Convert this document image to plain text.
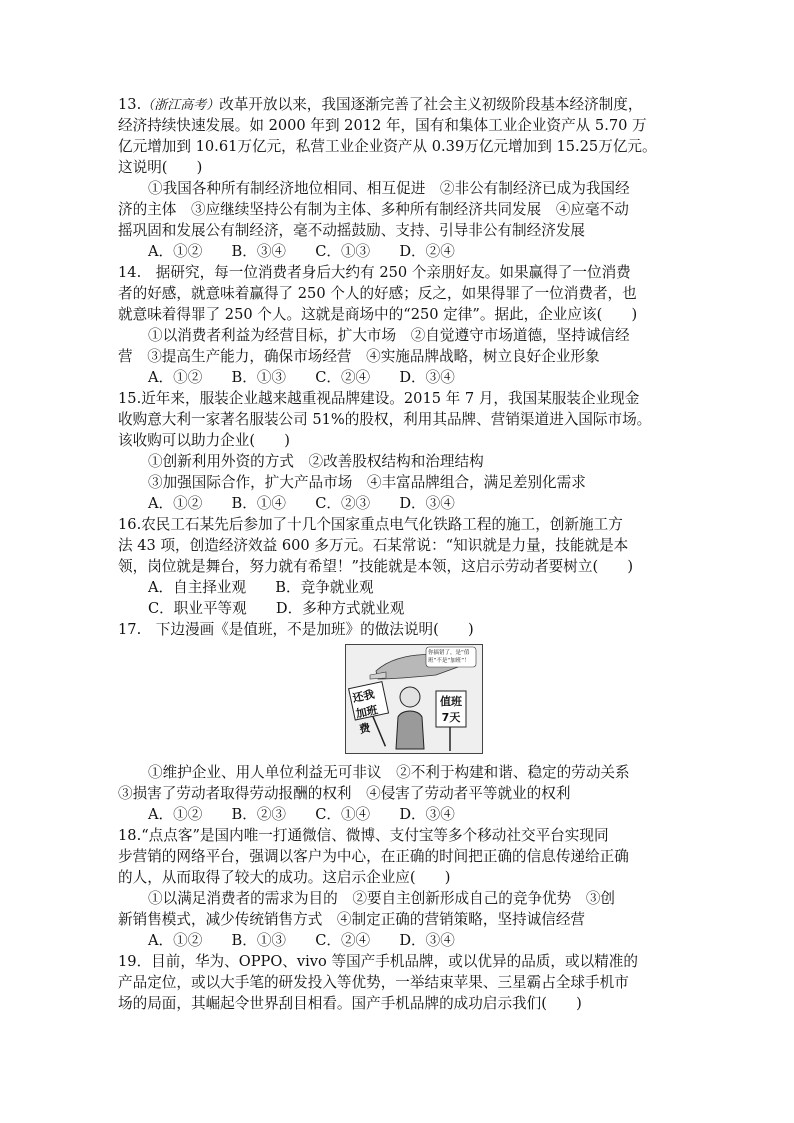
13.（浙江高考）改革开放以来，我国逐渐完善了社会主义初级阶段基本经济制度，
经济持续快速发展。如 2000 年到 2012 年，国有和集体工业企业资产从 5.70 万
亿元增加到 10.61万亿元，私营工业企业资产从 0.39万亿元增加到 15.25万亿元。
这说明(　　)
①我国各种所有制经济地位相同、相互促进　②非公有制经济已成为我国经
济的主体　③应继续坚持公有制为主体、多种所有制经济共同发展　④应毫不动
摇巩固和发展公有制经济，毫不动摇鼓励、支持、引导非公有制经济发展
A．①②　　B．③④　　C．①③　　D．②④
14.　据研究，每一位消费者身后大约有 250 个亲朋好友。如果赢得了一位消费
者的好感，就意味着赢得了 250 个人的好感；反之，如果得罪了一位消费者，也
就意味着得罪了 250 个人。这就是商场中的“250 定律”。据此，企业应该(　　)
①以消费者利益为经营目标，扩大市场　②自觉遵守市场道德，坚持诚信经
营　③提高生产能力，确保市场经营　④实施品牌战略，树立良好企业形象
A．①②　　B．①③　　C．②④　　D．③④
15.近年来，服装企业越来越重视品牌建设。2015 年 7 月，我国某服装企业现金
收购意大利一家著名服装公司 51%的股权，利用其品牌、营销渠道进入国际市场。
该收购可以助力企业(　　)
①创新利用外资的方式　②改善股权结构和治理结构
③加强国际合作，扩大产品市场　④丰富品牌组合，满足差别化需求
A．①②　　B．①④　　C．②③　　D．③④
16.农民工石某先后参加了十几个国家重点电气化铁路工程的施工，创新施工方
法 43 项，创造经济效益 600 多万元。石某常说：“知识就是力量，技能就是本
领，岗位就是舞台，努力就有希望！”技能就是本领，这启示劳动者要树立(　　)
A．自主择业观　　B．竞争就业观
C．职业平等观　　D．多种方式就业观
17.　下边漫画《是值班，不是加班》的做法说明(　　)
你搞错了，是“值班”不是“加班”！
还我加班费
值班7天
①维护企业、用人单位利益无可非议　②不利于构建和谐、稳定的劳动关系
③损害了劳动者取得劳动报酬的权利　④侵害了劳动者平等就业的权利
A．①②　　B．②③　　C．①④　　D．③④
18.“点点客”是国内唯一打通微信、微博、支付宝等多个移动社交平台实现同
步营销的网络平台，强调以客户为中心，在正确的时间把正确的信息传递给正确
的人，从而取得了较大的成功。这启示企业应(　　)
①以满足消费者的需求为目的　②要自主创新形成自己的竞争优势　③创
新销售模式，减少传统销售方式　④制定正确的营销策略，坚持诚信经营
A．①②　　B．①③　　C．②④　　D．③④
19．目前，华为、OPPO、vivo 等国产手机品牌，或以优异的品质，或以精准的
产品定位，或以大手笔的研发投入等优势，一举结束苹果、三星霸占全球手机市
场的局面，其崛起令世界刮目相看。国产手机品牌的成功启示我们(　　)
